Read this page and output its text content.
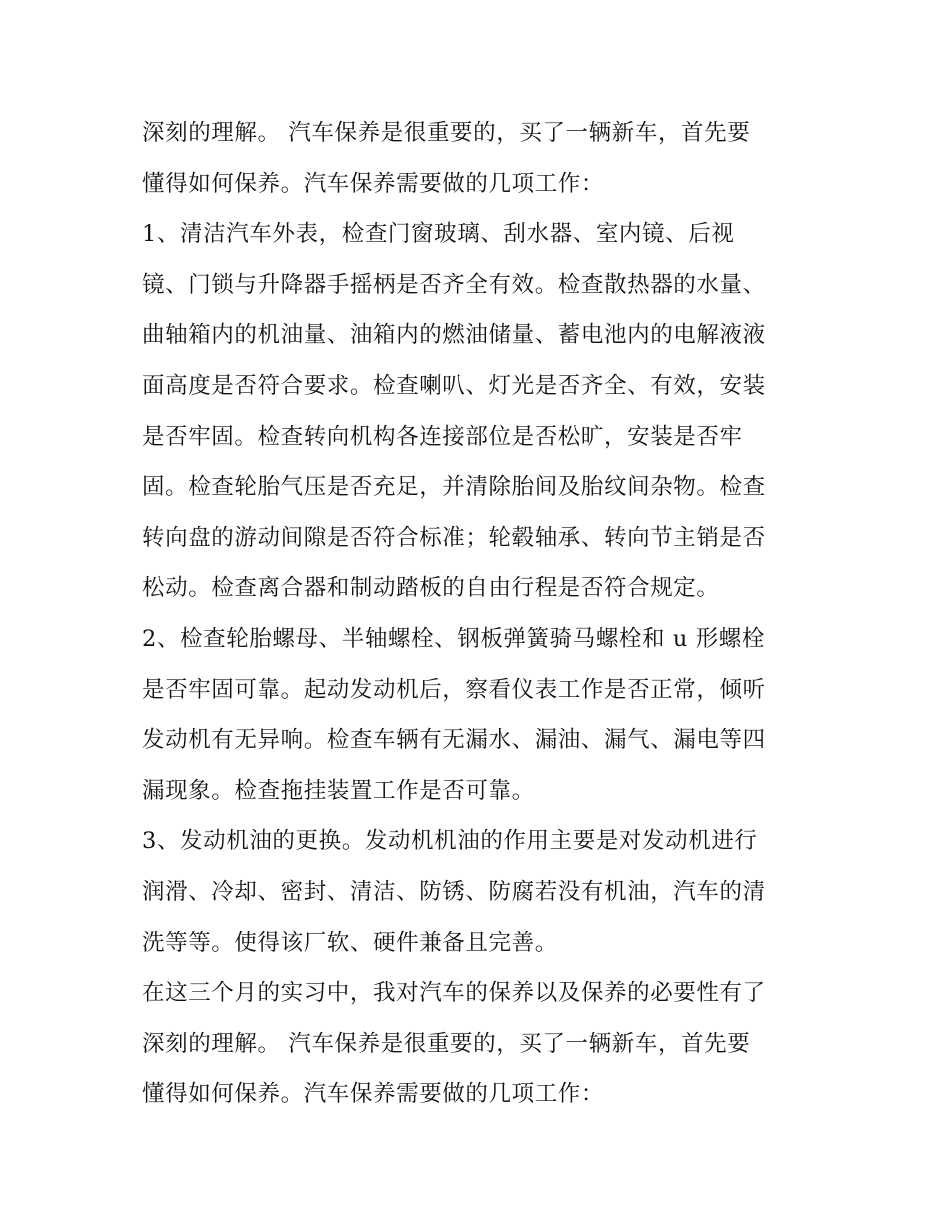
深刻的理解。 汽车保养是很重要的，买了一辆新车，首先要
懂得如何保养。汽车保养需要做的几项工作：
1、清洁汽车外表，检查门窗玻璃、刮水器、室内镜、后视
镜、门锁与升降器手摇柄是否齐全有效。检查散热器的水量、
曲轴箱内的机油量、油箱内的燃油储量、蓄电池内的电解液液
面高度是否符合要求。检查喇叭、灯光是否齐全、有效，安装
是否牢固。检查转向机构各连接部位是否松旷，安装是否牢
固。检查轮胎气压是否充足，并清除胎间及胎纹间杂物。检查
转向盘的游动间隙是否符合标准；轮毂轴承、转向节主销是否
松动。检查离合器和制动踏板的自由行程是否符合规定。
2、检查轮胎螺母、半轴螺栓、钢板弹簧骑马螺栓和 u 形螺栓
是否牢固可靠。起动发动机后，察看仪表工作是否正常，倾听
发动机有无异响。检查车辆有无漏水、漏油、漏气、漏电等四
漏现象。检查拖挂装置工作是否可靠。
3、发动机油的更换。发动机机油的作用主要是对发动机进行
润滑、冷却、密封、清洁、防锈、防腐若没有机油，汽车的清
洗等等。使得该厂软、硬件兼备且完善。
在这三个月的实习中，我对汽车的保养以及保养的必要性有了
深刻的理解。 汽车保养是很重要的，买了一辆新车，首先要
懂得如何保养。汽车保养需要做的几项工作：
